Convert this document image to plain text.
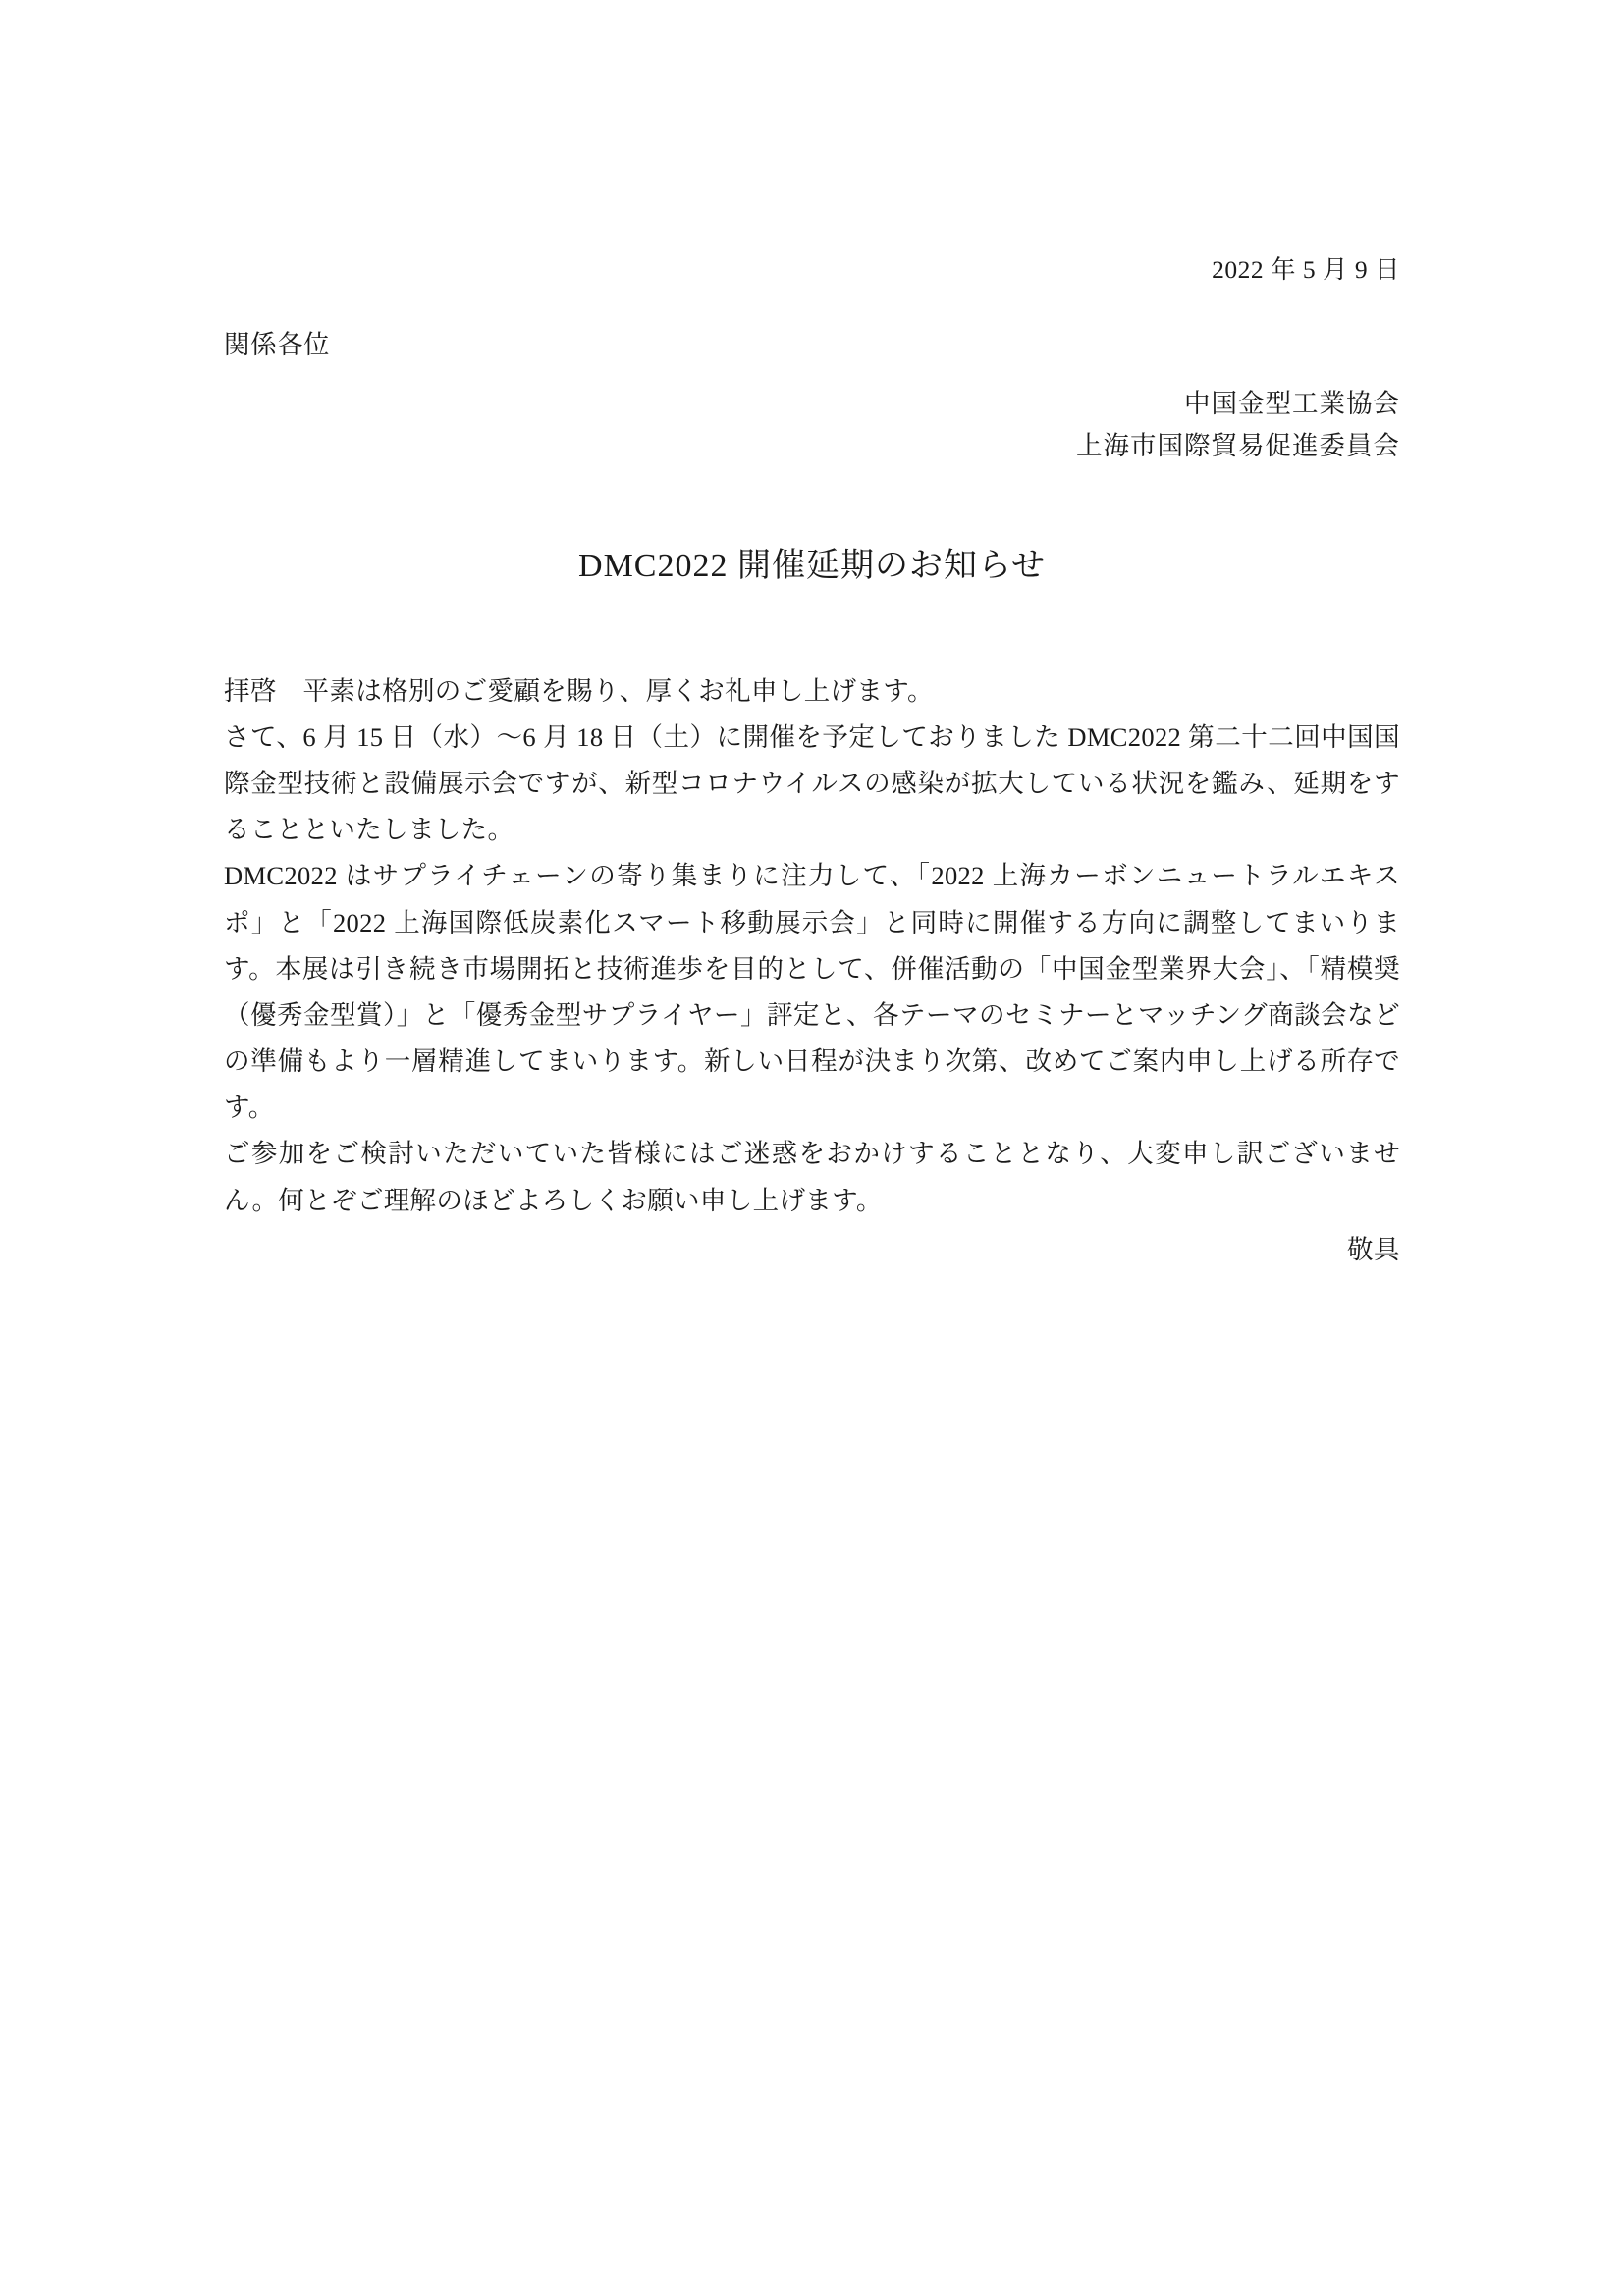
2022 年 5 月 9 日
関係各位
中国金型工業協会
上海市国際貿易促進委員会
DMC2022 開催延期のお知らせ

拝啓　平素は格別のご愛顧を賜り、厚くお礼申し上げます。

さて、6 月 15 日（水）〜6 月 18 日（土）に開催を予定しておりました DMC2022 第二十二回中国国際金型技術と設備展示会ですが、新型コロナウイルスの感染が拡大している状況を鑑み、延期をすることといたしました。

DMC2022 はサプライチェーンの寄り集まりに注力して、「2022 上海カーボンニュートラルエキスポ」と「2022 上海国際低炭素化スマート移動展示会」と同時に開催する方向に調整してまいります。本展は引き続き市場開拓と技術進歩を目的として、併催活動の「中国金型業界大会」、「精模奨（優秀金型賞）」と「優秀金型サプライヤー」評定と、各テーマのセミナーとマッチング商談会などの準備もより一層精進してまいります。新しい日程が決まり次第、改めてご案内申し上げる所存です。

ご参加をご検討いただいていた皆様にはご迷惑をおかけすることとなり、大変申し訳ございません。何とぞご理解のほどよろしくお願い申し上げます。

敬具
